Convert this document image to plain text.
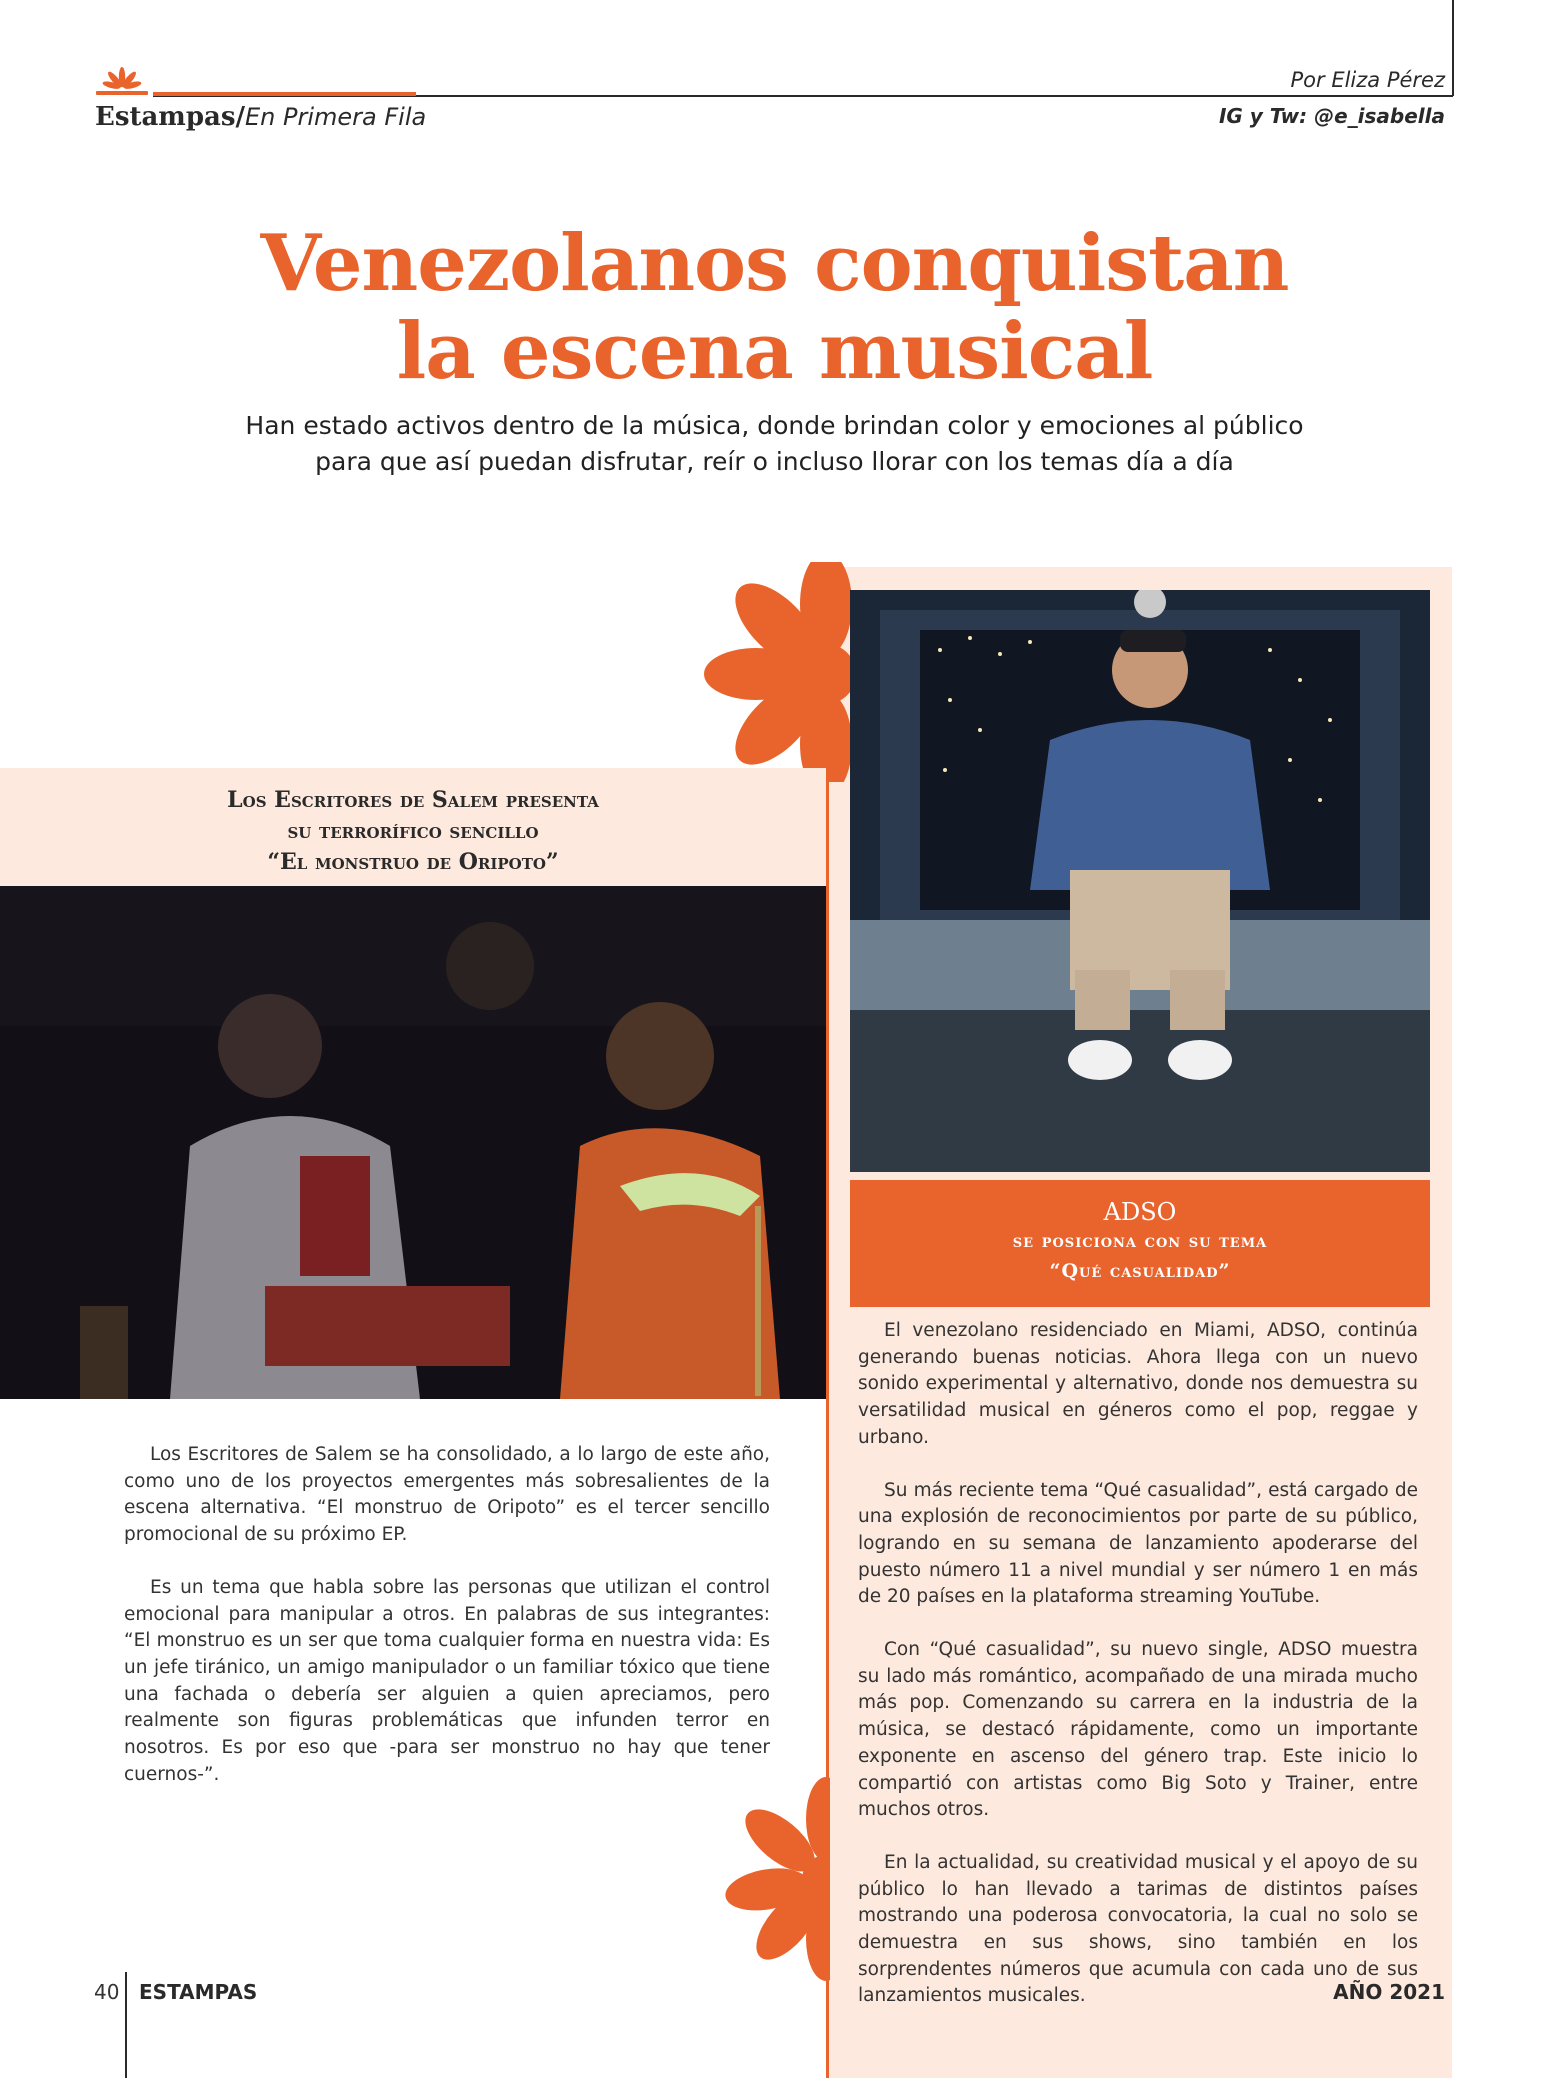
Estampas/En Primera Fila
Por Eliza Pérez
IG y Tw: @e_isabella
Venezolanos conquistan
la escena musical
Han estado activos dentro de la música, donde brindan color y emociones al público
para que así puedan disfrutar, reír o incluso llorar con los temas día a día
ADSO
se posiciona con su tema
“Qué casualidad”

El venezolano residenciado en Miami, ADSO, continúa generando buenas noticias. Ahora llega con un nuevo sonido experimental y alternativo, donde nos demuestra su versatilidad musical en géneros como el pop, reggae y urbano.

Su más reciente tema “Qué casualidad”, está cargado de una explosión de reconocimientos por parte de su público, logrando en su semana de lanzamiento apoderarse del puesto número 11 a nivel mundial y ser número 1 en más de 20 países en la plataforma streaming YouTube.

Con “Qué casualidad”, su nuevo single, ADSO muestra su lado más romántico, acompañado de una mirada mucho más pop. Comenzando su carrera en la industria de la música, se destacó rápidamente, como un importante exponente en ascenso del género trap. Este inicio lo compartió con artistas como Big Soto y Trainer, entre muchos otros.

En la actualidad, su creatividad musical y el apoyo de su público lo han llevado a tarimas de distintos países mostrando una poderosa convocatoria, la cual no solo se demuestra en sus shows, sino también en los sorprendentes números que acumula con cada uno de sus lanzamientos musicales.

Los Escritores de Salem presenta
su terrorífico sencillo
“El monstruo de Oripoto”

Los Escritores de Salem se ha consolidado, a lo largo de este año, como uno de los proyectos emergentes más sobresalientes de la escena alternativa. “El monstruo de Oripoto” es el tercer sencillo promocional de su próximo EP.

Es un tema que habla sobre las personas que utilizan el control emocional para manipular a otros. En palabras de sus integrantes: “El monstruo es un ser que toma cualquier forma en nuestra vida: Es un jefe tiránico, un amigo manipulador o un familiar tóxico que tiene una fachada o debería ser alguien a quien apreciamos, pero realmente son figuras problemáticas que infunden terror en nosotros. Es por eso que -para ser monstruo no hay que tener cuernos-”.

40 ESTAMPAS	AÑO 2021
